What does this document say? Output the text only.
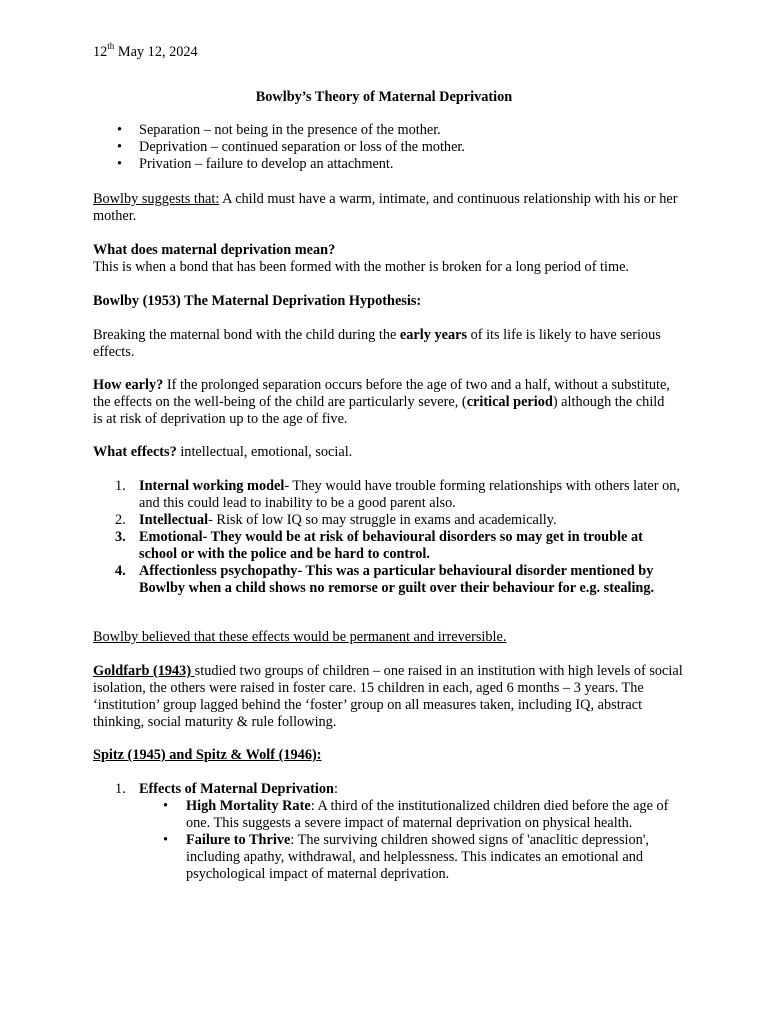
12th May 12, 2024
Bowlby’s Theory of Maternal Deprivation
• Separation – not being in the presence of the mother.
• Deprivation – continued separation or loss of the mother.
• Privation – failure to develop an attachment.
Bowlby suggests that: A child must have a warm, intimate, and continuous relationship with his or her mother.
What does maternal deprivation mean?
This is when a bond that has been formed with the mother is broken for a long period of time.
Bowlby (1953) The Maternal Deprivation Hypothesis:
Breaking the maternal bond with the child during the early years of its life is likely to have serious effects.
How early? If the prolonged separation occurs before the age of two and a half, without a substitute, the effects on the well-being of the child are particularly severe, (critical period) although the child is at risk of deprivation up to the age of five.
What effects? intellectual, emotional, social.
1. Internal working model- They would have trouble forming relationships with others later on, and this could lead to inability to be a good parent also.
2. Intellectual- Risk of low IQ so may struggle in exams and academically.
3. Emotional- They would be at risk of behavioural disorders so may get in trouble at school or with the police and be hard to control.
4. Affectionless psychopathy- This was a particular behavioural disorder mentioned by Bowlby when a child shows no remorse or guilt over their behaviour for e.g. stealing.
Bowlby believed that these effects would be permanent and irreversible.
Goldfarb (1943) studied two groups of children – one raised in an institution with high levels of social isolation, the others were raised in foster care. 15 children in each, aged 6 months – 3 years. The ‘institution’ group lagged behind the ‘foster’ group on all measures taken, including IQ, abstract thinking, social maturity & rule following.
Spitz (1945) and Spitz & Wolf (1946):
1. Effects of Maternal Deprivation:
• High Mortality Rate: A third of the institutionalized children died before the age of one. This suggests a severe impact of maternal deprivation on physical health.
• Failure to Thrive: The surviving children showed signs of 'anaclitic depression', including apathy, withdrawal, and helplessness. This indicates an emotional and psychological impact of maternal deprivation.
